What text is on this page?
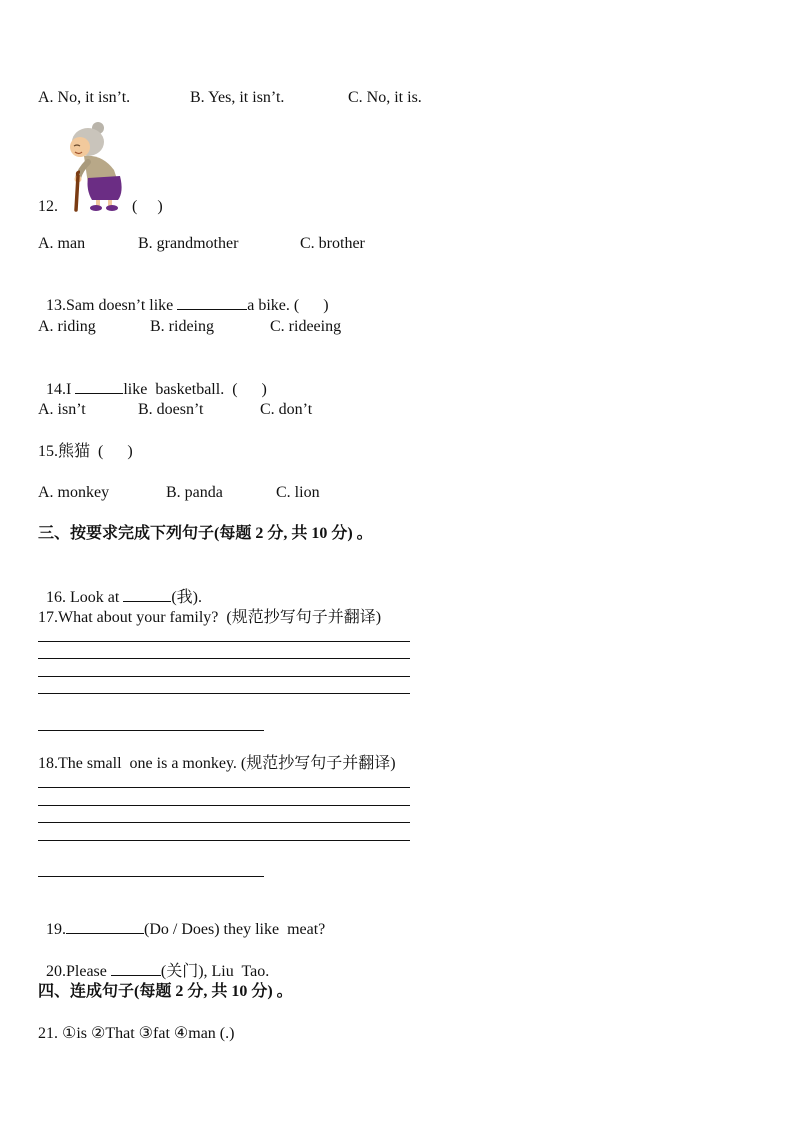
A. No, it isn’t.	B. Yes, it isn’t.	C. No, it is.
12.	(     )
A. man	B. grandmother	C. brother

13.Sam doesn’t like	a bike. (      )

A. riding	B. rideing	C. rideeing

14.I	like  basketball.  (      )

A. isn’t	B. doesn’t	C. don’t
15.熊猫  (      )
A. monkey	B. panda	C. lion
三、按要求完成下列句子(每题 2 分, 共 10 分) 。

16. Look at	(我).

17.What about your family?  (规范抄写句子并翻译)
18.The small  one is a monkey. (规范抄写句子并翻译)

19.	(Do / Does) they like  meat?

20.Please	(关门), Liu  Tao.

四、连成句子(每题 2 分, 共 10 分) 。
21. ①is ②That ③fat ④man (.)
